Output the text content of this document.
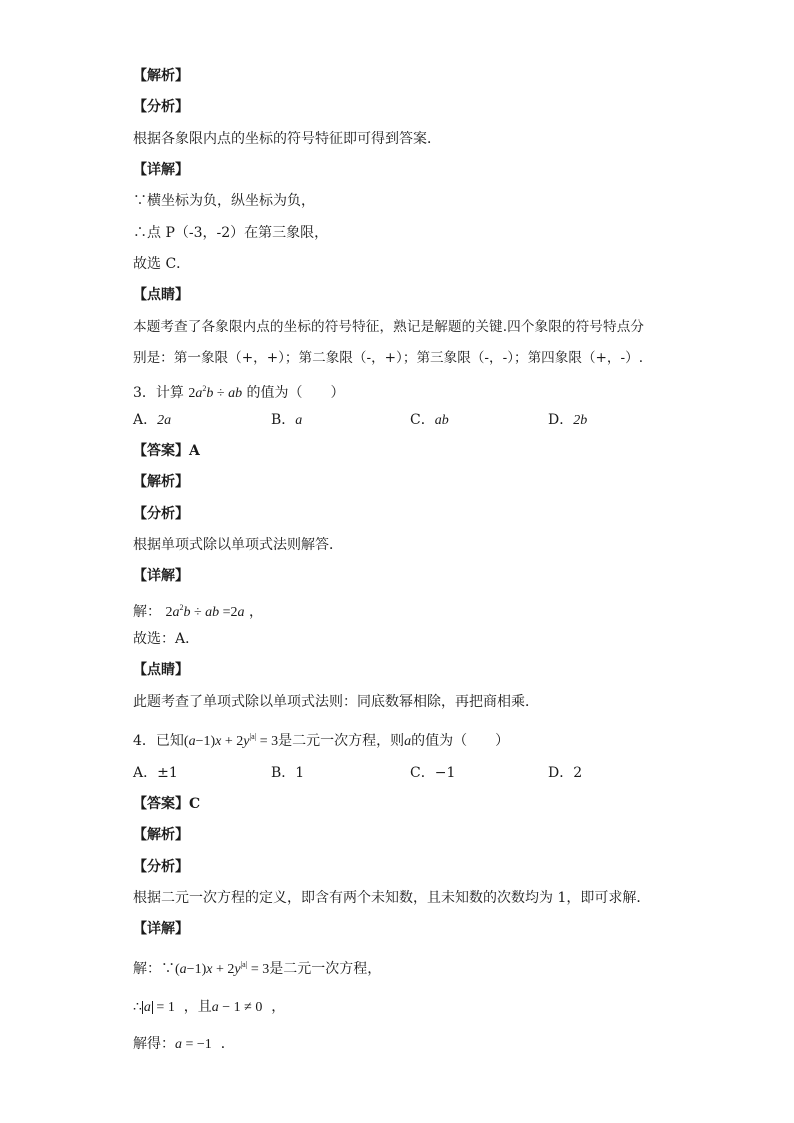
【解析】
【分析】
根据各象限内点的坐标的符号特征即可得到答案．
【详解】
∵横坐标为负，纵坐标为负，
∴点 P（-3，-2）在第三象限，
故选 C．
【点睛】
本题考查了各象限内点的坐标的符号特征，熟记是解题的关键.四个象限的符号特点分
别是：第一象限（+，+）；第二象限（-，+）；第三象限（-，-）；第四象限（+，-）.
3．计算 $2a^2b$ ÷ ab 的值为（　　）
A．2a	B．a	C．ab	D．2b
【答案】A
【解析】
【分析】
根据单项式除以单项式法则解答．
【详解】
解： $2a^2b$ ÷ ab =2a ，
故选：A．
【点睛】
此题考查了单项式除以单项式法则：同底数幂相除，再把商相乘．
4．已知$(a-1)x + 2y^{|a|} = 3$是二元一次方程，则a的值为（　　）
A．±1	B．1	C．−1	D．2
【答案】C
【解析】
【分析】
根据二元一次方程的定义，即含有两个未知数，且未知数的次数均为 1，即可求解．
【详解】
解：∵(a−1)x + $2y^{|a|} = 3$是二元一次方程，
∴ a = 1 ，且a − 1 ≠ 0 ，
解得：a = −1 ．
